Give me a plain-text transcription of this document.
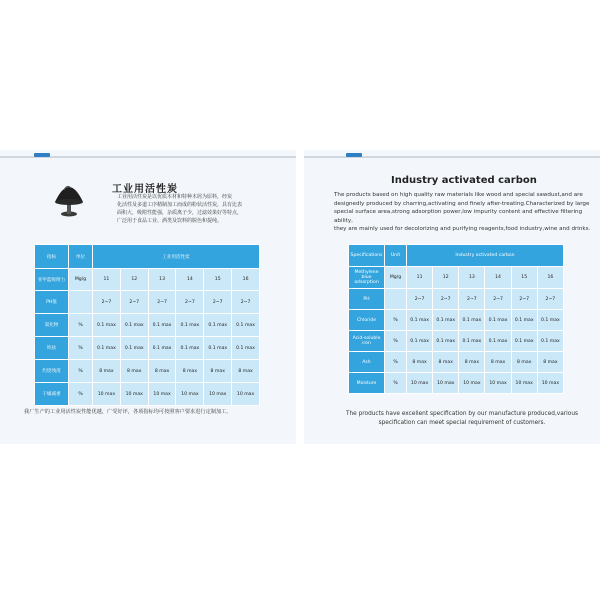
工业用活性炭
工业用活性炭是以优质木材和特种木屑为原料，经炭
化活性及多道工序精制加工而成的粉状活性炭，具有比表
面积大，吸附性能强，杂质离子少，过滤效果好等特点，
广泛用于食品工业、酒类及饮料的脱色和提纯。
指标	单位	工业用活性炭					
亚甲蓝吸附力	Mg/g	11	12	13	14	15	16
PH值		2~7	2~7	2~7	2~7	2~7	2~7
氯化物	%	0.1 max	0.1 max	0.1 max	0.1 max	0.1 max	0.1 max
铁盐	%	0.1 max	0.1 max	0.1 max	0.1 max	0.1 max	0.1 max
灼烧残渣	%	8 max	8 max	8 max	8 max	8 max	8 max
干燥减重	%	10 max	10 max	10 max	10 max	10 max	10 max
我厂生产的工业用活性炭性能优越，广受好评，各项指标均可按照客户要求进行定制加工。
Industry activated carbon
The products based on high quality raw materials like wood and special sawdust,and are
designedly produced by charring,activating and finely after-treating.Characterized by large
special surface area,strong adsorption power,low impurity content and effective filtering ability,
they are mainly used for decolorizing and purifying reagents,food industry,wine and drinks.
Specifications	Unit	Industry activated carbon					
Methylene blue adsorption	Mg/g	11	12	13	14	15	16
PH		2~7	2~7	2~7	2~7	2~7	2~7
Chloride	%	0.1 max	0.1 max	0.1 max	0.1 max	0.1 max	0.1 max
Acid-soluble iron	%	0.1 max	0.1 max	0.1 max	0.1 max	0.1 max	0.1 max
Ash	%	8 max	8 max	8 max	8 max	8 max	8 max
Moisture	%	10 max	10 max	10 max	10 max	10 max	10 max
The products have excellent specification by our manufacture produced,various
specification can meet special requirement of customers.
